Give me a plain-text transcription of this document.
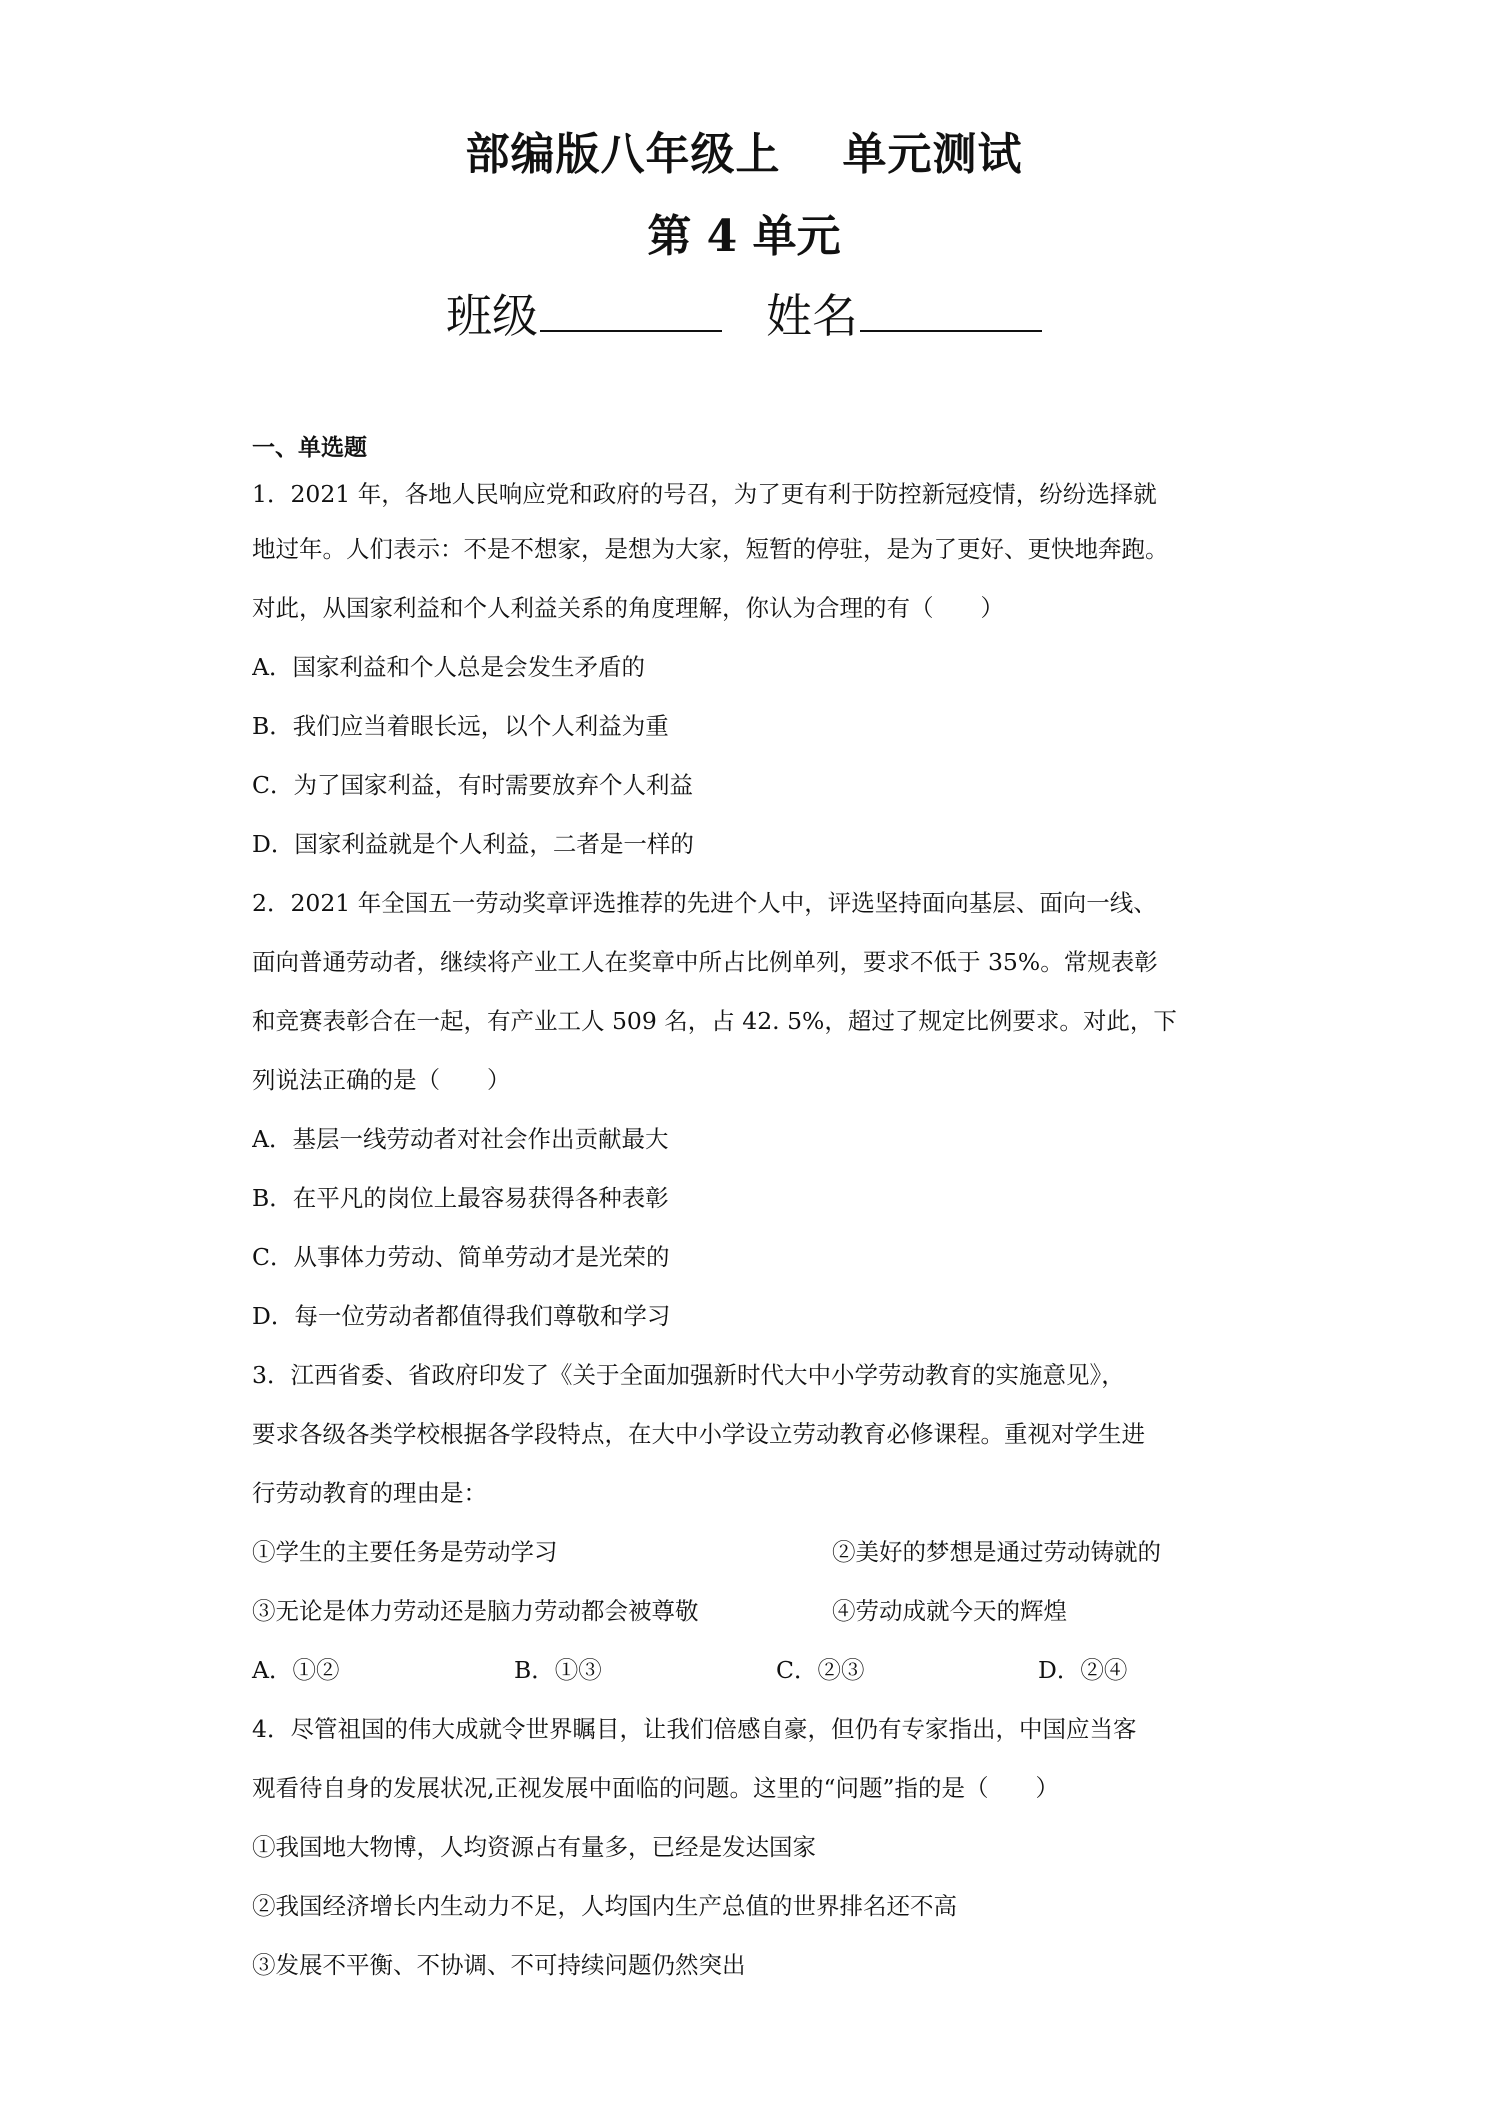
部编版八年级上 单元测试
第 4 单元
班级	姓名
一、单选题
1．2021 年，各地人民响应党和政府的号召，为了更有利于防控新冠疫情，纷纷选择就
地过年。人们表示：不是不想家，是想为大家，短暂的停驻，是为了更好、更快地奔跑。
对此，从国家利益和个人利益关系的角度理解，你认为合理的有（　　）
A．国家利益和个人总是会发生矛盾的
B．我们应当着眼长远，以个人利益为重
C．为了国家利益，有时需要放弃个人利益
D．国家利益就是个人利益，二者是一样的
2．2021 年全国五一劳动奖章评选推荐的先进个人中，评选坚持面向基层、面向一线、
面向普通劳动者，继续将产业工人在奖章中所占比例单列，要求不低于 35%。常规表彰
和竞赛表彰合在一起，有产业工人 509 名，占 42. 5%，超过了规定比例要求。对此，下
列说法正确的是（　　）
A．基层一线劳动者对社会作出贡献最大
B．在平凡的岗位上最容易获得各种表彰
C．从事体力劳动、简单劳动才是光荣的
D．每一位劳动者都值得我们尊敬和学习
3．江西省委、省政府印发了《关于全面加强新时代大中小学劳动教育的实施意见》，
要求各级各类学校根据各学段特点，在大中小学设立劳动教育必修课程。重视对学生进
行劳动教育的理由是：
①学生的主要任务是劳动学习	②美好的梦想是通过劳动铸就的
③无论是体力劳动还是脑力劳动都会被尊敬	④劳动成就今天的辉煌
A．①②	B．①③	C．②③	D．②④
4．尽管祖国的伟大成就令世界瞩目，让我们倍感自豪，但仍有专家指出，中国应当客
观看待自身的发展状况,正视发展中面临的问题。这里的“问题”指的是（　　）
①我国地大物博，人均资源占有量多，已经是发达国家
②我国经济增长内生动力不足，人均国内生产总值的世界排名还不高
③发展不平衡、不协调、不可持续问题仍然突出
